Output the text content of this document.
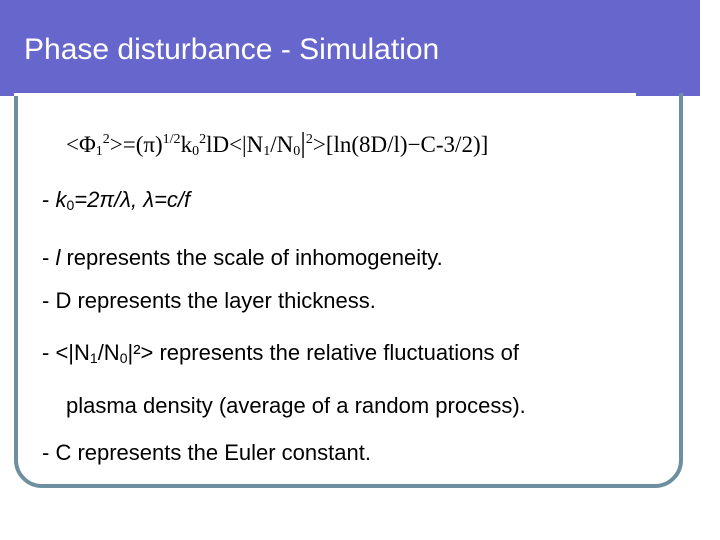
Phase disturbance - Simulation
$<\Phi_1^2>=(\pi)^{1/2}k_0^2lD<|N_1/N_0|^2>[\ln(8D/l)-C-3/2)$]
- $k_0=2\pi/\lambda$, λ=c/f
- l represents the scale of inhomogeneity.
- D represents the layer thickness.
- $<|N_1/N_0|^2>$ represents the relative fluctuations of
plasma density (average of a random process).
- C represents the Euler constant.
